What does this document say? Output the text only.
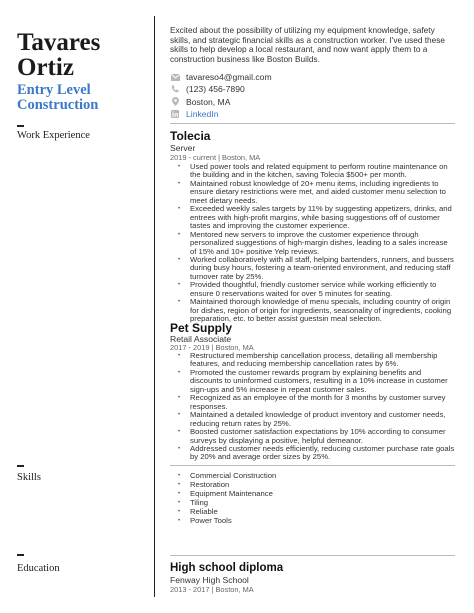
Tavares
Ortiz
Entry Level
Construction
Excited about the possibility of utilizing my equipment knowledge, safety skills, and strategic financial skills as a construction worker. I've used these skills to help develop a local restaurant, and now want apply them to a construction business like Boston Builds.
tavareso4@gmail.com
(123) 456-7890
Boston, MA
LinkedIn
Work Experience	Tolecia
Server
2019 - current | Boston, MA
• Used power tools and related equipment to perform routine maintenance on the building and in the kitchen, saving Tolecia $500+ per month.
• Maintained robust knowledge of 20+ menu items, including ingredients to ensure dietary restrictions were met, and aided customer menu selection to meet dietary needs.
• Exceeded weekly sales targets by 11% by suggesting appetizers, drinks, and entrees with high-profit margins, while basing suggestions off of customer tastes and improving the customer experience.
• Mentored new servers to improve the customer experience through personalized suggestions of high-margin dishes, leading to a sales increase of 15% and 10+ positive Yelp reviews.
• Worked collaboratively with all staff, helping bartenders, runners, and bussers during busy hours, fostering a team-oriented environment, and reducing staff turnover rate by 25%.
• Provided thoughtful, friendly customer service while working efficiently to ensure 0 reservations waited for over 5 minutes for seating.
• Maintained thorough knowledge of menu specials, including country of origin for dishes, region of origin for ingredients, seasonality of ingredients, cooking preparation, etc. to better assist guestsin meal selection.
Pet Supply
Retail Associate
2017 - 2019 | Boston, MA
• Restructured membership cancellation process, detailing all membership features, and reducing membership cancellation rates by 6%.
• Promoted the customer rewards program by explaining benefits and discounts to uninformed customers, resulting in a 10% increase in customer sign-ups and 5% increase in repeat customer sales.
• Recognized as an employee of the month for 3 months by customer survey responses.
• Maintained a detailed knowledge of product inventory and customer needs, reducing return rates by 25%.
• Boosted customer satisfaction expectations by 10% according to consumer surveys by displaying a positive, helpful demeanor.
• Addressed customer needs efficiently, reducing customer purchase rate goals by 20% and average order sizes by 25%.
Skills
•	Commercial Construction
• Restoration
• Equipment Maintenance
• Tiling
• Reliable
• Power Tools
Education	High school diploma
Fenway High School
2013 - 2017 | Boston, MA
